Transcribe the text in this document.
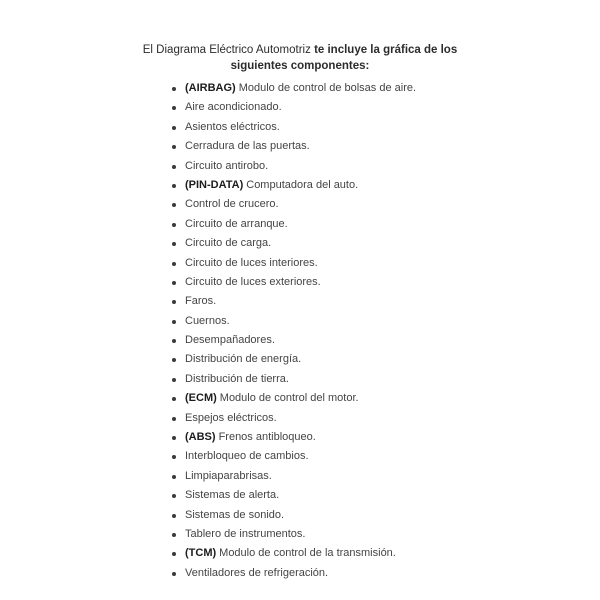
El Diagrama Eléctrico Automotriz te incluye la gráfica de los siguientes componentes:
(AIRBAG) Modulo de control de bolsas de aire.
Aire acondicionado.
Asientos eléctricos.
Cerradura de las puertas.
Circuito antirobo.
(PIN-DATA) Computadora del auto.
Control de crucero.
Circuito de arranque.
Circuito de carga.
Circuito de luces interiores.
Circuito de luces exteriores.
Faros.
Cuernos.
Desempañadores.
Distribución de energía.
Distribución de tierra.
(ECM) Modulo de control del motor.
Espejos eléctricos.
(ABS) Frenos antibloqueo.
Interbloqueo de cambios.
Limpiaparabrisas.
Sistemas de alerta.
Sistemas de sonido.
Tablero de instrumentos.
(TCM) Modulo de control de la transmisión.
Ventiladores de refrigeración.
